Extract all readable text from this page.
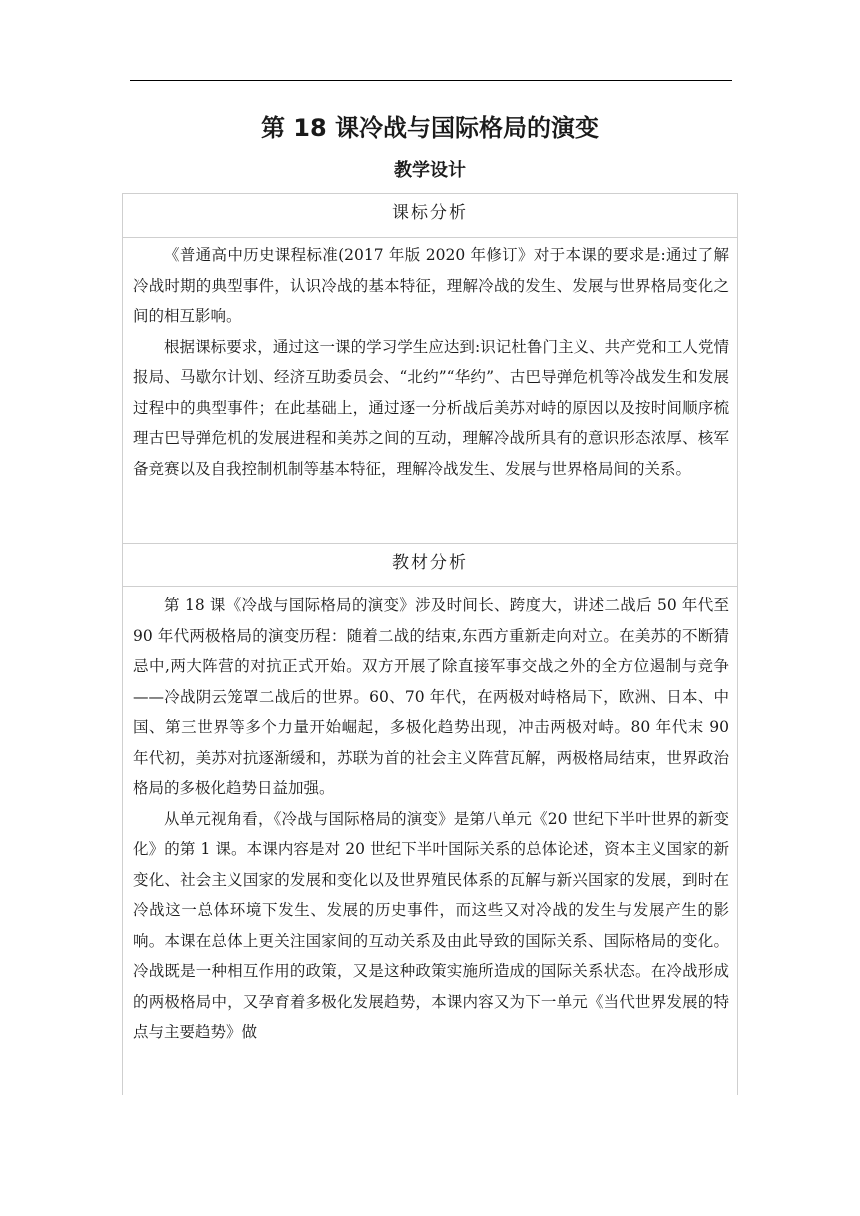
第 18 课冷战与国际格局的演变
教学设计
课标分析

《普通高中历史课程标准(2017 年版 2020 年修订》对于本课的要求是:通过了解冷战时期的典型事件，认识冷战的基本特征，理解冷战的发生、发展与世界格局变化之间的相互影响。

根据课标要求，通过这一课的学习学生应达到:识记杜鲁门主义、共产党和工人党情报局、马歇尔计划、经济互助委员会、“北约”“华约”、古巴导弹危机等冷战发生和发展过程中的典型事件；在此基础上，通过逐一分析战后美苏对峙的原因以及按时间顺序梳理古巴导弹危机的发展进程和美苏之间的互动，理解冷战所具有的意识形态浓厚、核军备竞赛以及自我控制机制等基本特征，理解冷战发生、发展与世界格局间的关系。

教材分析

第 18 课《冷战与国际格局的演变》涉及时间长、跨度大，讲述二战后 50 年代至 90 年代两极格局的演变历程：随着二战的结束,东西方重新走向对立。在美苏的不断猜忌中,两大阵营的对抗正式开始。双方开展了除直接军事交战之外的全方位遏制与竞争——冷战阴云笼罩二战后的世界。60、70 年代，在两极对峙格局下，欧洲、日本、中国、第三世界等多个力量开始崛起，多极化趋势出现，冲击两极对峙。80 年代末 90 年代初，美苏对抗逐渐缓和，苏联为首的社会主义阵营瓦解，两极格局结束，世界政治格局的多极化趋势日益加强。

从单元视角看，《冷战与国际格局的演变》是第八单元《20 世纪下半叶世界的新变化》的第 1 课。本课内容是对 20 世纪下半叶国际关系的总体论述，资本主义国家的新变化、社会主义国家的发展和变化以及世界殖民体系的瓦解与新兴国家的发展，到时在冷战这一总体环境下发生、发展的历史事件，而这些又对冷战的发生与发展产生的影响。本课在总体上更关注国家间的互动关系及由此导致的国际关系、国际格局的变化。冷战既是一种相互作用的政策，又是这种政策实施所造成的国际关系状态。在冷战形成的两极格局中，又孕育着多极化发展趋势，本课内容又为下一单元《当代世界发展的特点与主要趋势》做
